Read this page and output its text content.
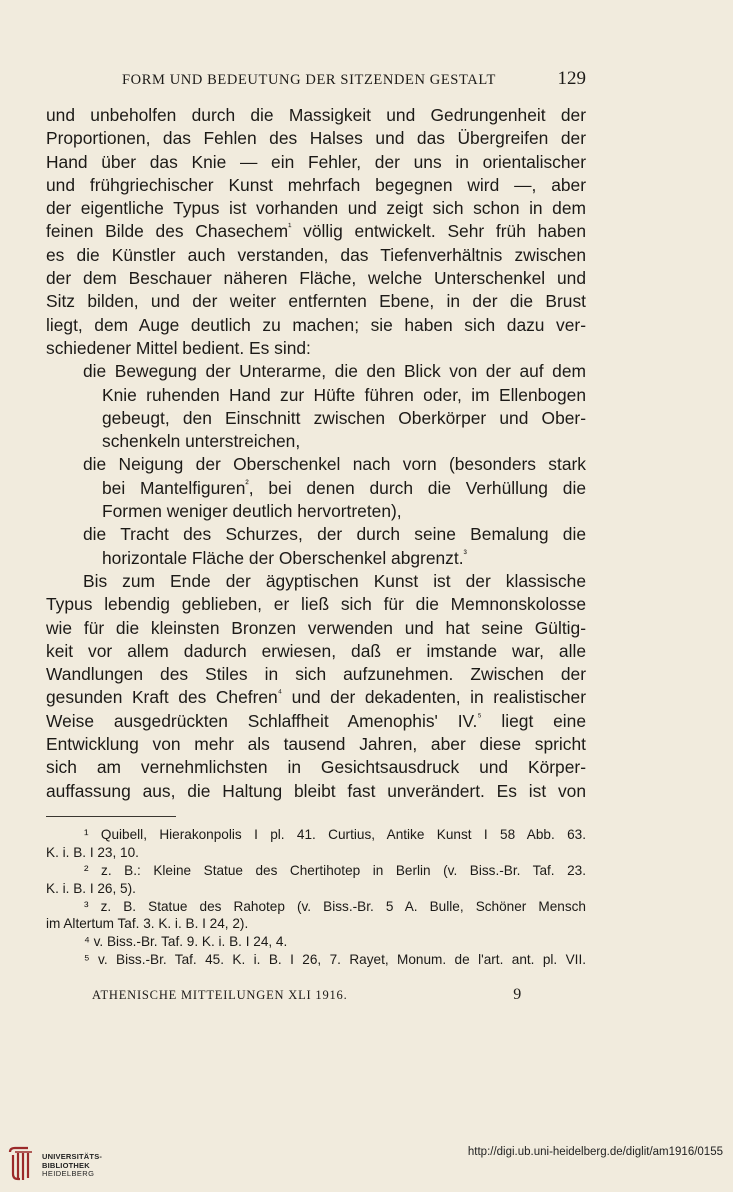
FORM UND BEDEUTUNG DER SITZENDEN GESTALT	129
und unbeholfen durch die Massigkeit und Gedrungenheit der
Proportionen, das Fehlen des Halses und das Übergreifen der
Hand über das Knie — ein Fehler, der uns in orientalischer
und frühgriechischer Kunst mehrfach begegnen wird —, aber
der eigentliche Typus ist vorhanden und zeigt sich schon in dem
feinen Bilde des Chasechem$^{^1}$ völlig entwickelt. Sehr früh haben
es die Künstler auch verstanden, das Tiefenverhältnis zwischen
der dem Beschauer näheren Fläche, welche Unterschenkel und
Sitz bilden, und der weiter entfernten Ebene, in der die Brust
liegt, dem Auge deutlich zu machen; sie haben sich dazu ver-
schiedener Mittel bedient. Es sind:
die Bewegung der Unterarme, die den Blick von der auf dem
Knie ruhenden Hand zur Hüfte führen oder, im Ellenbogen
gebeugt, den Einschnitt zwischen Oberkörper und Ober-
schenkeln unterstreichen,
die Neigung der Oberschenkel nach vorn (besonders stark
bei Mantelfiguren$^{^2}$, bei denen durch die Verhüllung die
Formen weniger deutlich hervortreten),
die Tracht des Schurzes, der durch seine Bemalung die
horizontale Fläche der Oberschenkel abgrenzt.$^{^3}$
Bis zum Ende der ägyptischen Kunst ist der klassische
Typus lebendig geblieben, er ließ sich für die Memnonskolosse
wie für die kleinsten Bronzen verwenden und hat seine Gültig-
keit vor allem dadurch erwiesen, daß er imstande war, alle
Wandlungen des Stiles in sich aufzunehmen. Zwischen der
gesunden Kraft des Chefren$^{^4}$ und der dekadenten, in realistischer
Weise ausgedrückten Schlaffheit Amenophis' IV.$^{^5}$ liegt eine
Entwicklung von mehr als tausend Jahren, aber diese spricht
sich am vernehmlichsten in Gesichtsausdruck und Körper-
auffassung aus, die Haltung bleibt fast unverändert. Es ist von
¹ Quibell, Hierakonpolis I pl. 41. Curtius, Antike Kunst I 58 Abb. 63.
K. i. B. I 23, 10.
² z. B.: Kleine Statue des Chertihotep in Berlin (v. Biss.-Br. Taf. 23.
K. i. B. I 26, 5).
³ z. B. Statue des Rahotep (v. Biss.-Br. 5 A. Bulle, Schöner Mensch
im Altertum Taf. 3. K. i. B. I 24, 2).
⁴ v. Biss.-Br. Taf. 9. K. i. B. I 24, 4.
⁵ v. Biss.-Br. Taf. 45. K. i. B. I 26, 7. Rayet, Monum. de l'art. ant. pl. VII.
ATHENISCHE MITTEILUNGEN XLI 1916.	9
UNIVERSITÄTS-
BIBLIOTHEK
HEIDELBERG
http://digi.ub.uni-heidelberg.de/diglit/am1916/0155
